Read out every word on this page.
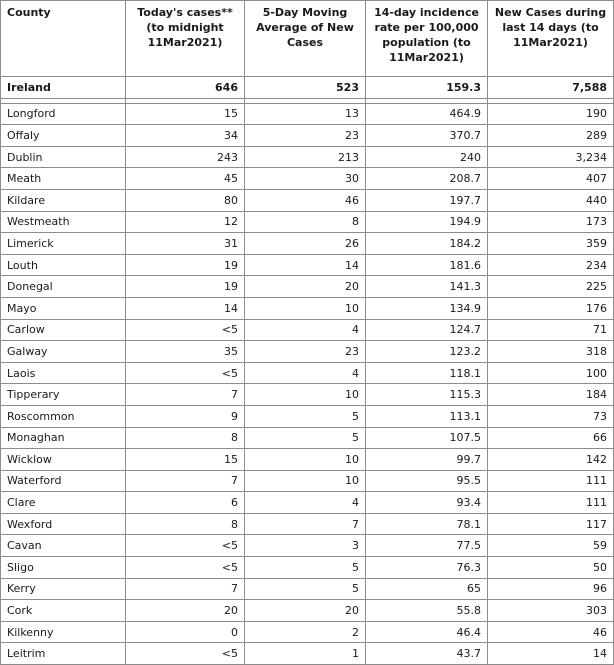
County	Today's cases** (to midnight 11Mar2021)	5-Day Moving Average of New Cases	14-day incidence rate per 100,000 population (to 11Mar2021)	New Cases during last 14 days (to 11Mar2021)
Ireland	646	523	159.3	7,588

Longford	15	13	464.9	190
Offaly	34	23	370.7	289
Dublin	243	213	240	3,234
Meath	45	30	208.7	407
Kildare	80	46	197.7	440
Westmeath	12	8	194.9	173
Limerick	31	26	184.2	359
Louth	19	14	181.6	234
Donegal	19	20	141.3	225
Mayo	14	10	134.9	176
Carlow	<5	4	124.7	71
Galway	35	23	123.2	318
Laois	<5	4	118.1	100
Tipperary	7	10	115.3	184
Roscommon	9	5	113.1	73
Monaghan	8	5	107.5	66
Wicklow	15	10	99.7	142
Waterford	7	10	95.5	111
Clare	6	4	93.4	111
Wexford	8	7	78.1	117
Cavan	<5	3	77.5	59
Sligo	<5	5	76.3	50
Kerry	7	5	65	96
Cork	20	20	55.8	303
Kilkenny	0	2	46.4	46
Leitrim	<5	1	43.7	14
